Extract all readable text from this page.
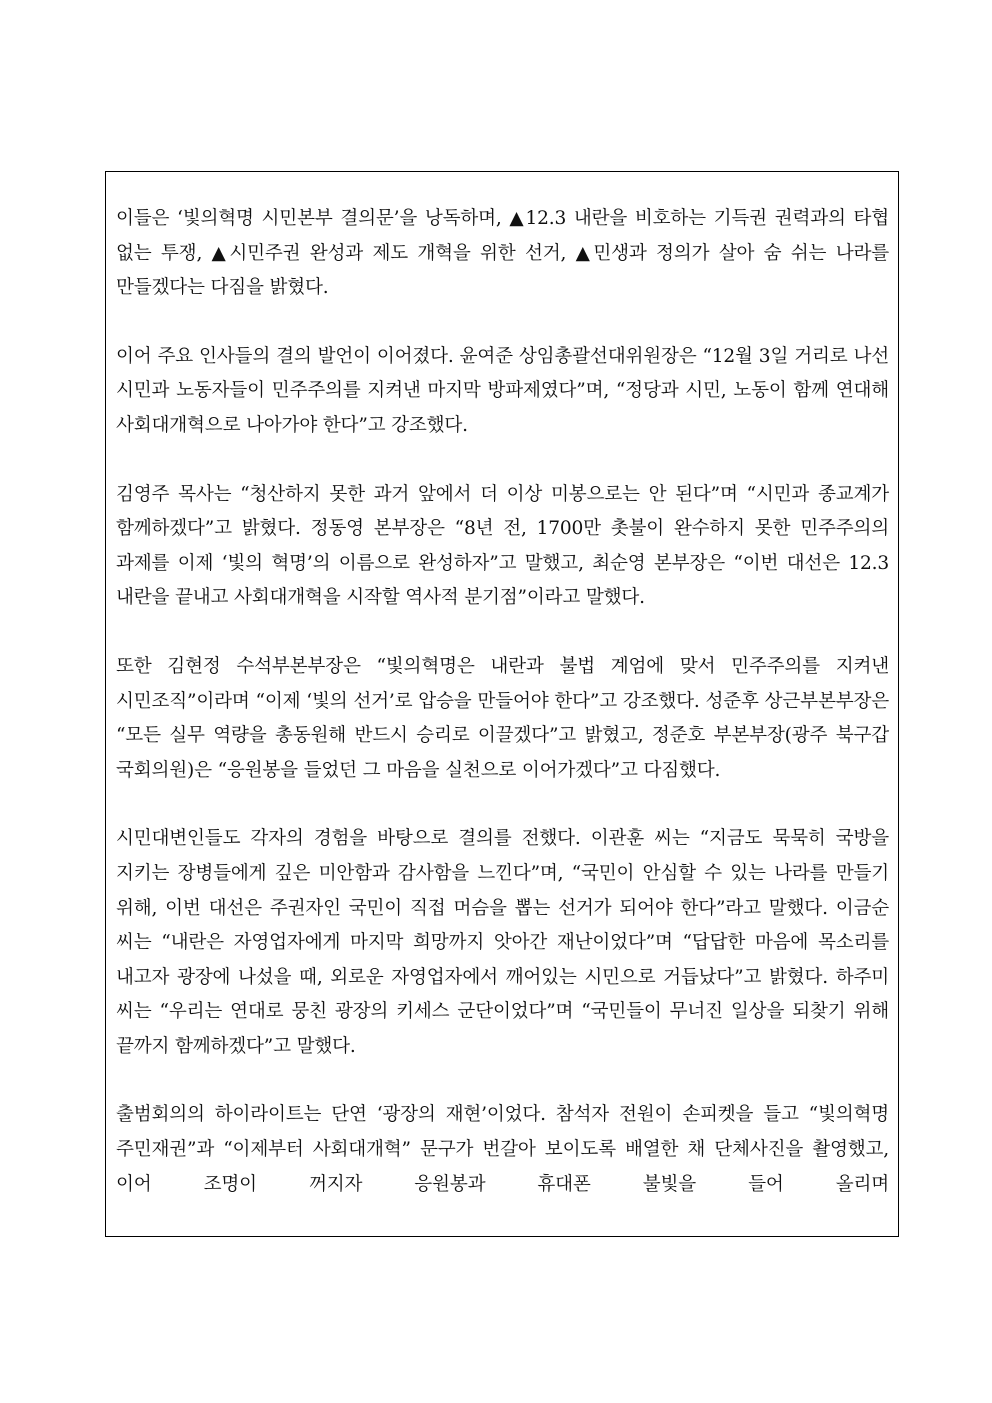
이들은 ‘빛의혁명 시민본부 결의문’을 낭독하며, ▲12.3 내란을 비호하는 기득권 권력과의 타협 없는 투쟁, ▲시민주권 완성과 제도 개혁을 위한 선거, ▲민생과 정의가 살아 숨 쉬는 나라를 만들겠다는 다짐을 밝혔다.

이어 주요 인사들의 결의 발언이 이어졌다. 윤여준 상임총괄선대위원장은 “12월 3일 거리로 나선 시민과 노동자들이 민주주의를 지켜낸 마지막 방파제였다”며, “정당과 시민, 노동이 함께 연대해 사회대개혁으로 나아가야 한다”고 강조했다.

김영주 목사는 “청산하지 못한 과거 앞에서 더 이상 미봉으로는 안 된다”며 “시민과 종교계가 함께하겠다”고 밝혔다. 정동영 본부장은 “8년 전, 1700만 촛불이 완수하지 못한 민주주의의 과제를 이제 ‘빛의 혁명’의 이름으로 완성하자”고 말했고, 최순영 본부장은 “이번 대선은 12.3 내란을 끝내고 사회대개혁을 시작할 역사적 분기점”이라고 말했다.

또한 김현정 수석부본부장은 “빛의혁명은 내란과 불법 계엄에 맞서 민주주의를 지켜낸 시민조직”이라며 “이제 ‘빛의 선거’로 압승을 만들어야 한다”고 강조했다. 성준후 상근부본부장은 “모든 실무 역량을 총동원해 반드시 승리로 이끌겠다”고 밝혔고, 정준호 부본부장(광주 북구갑 국회의원)은 “응원봉을 들었던 그 마음을 실천으로 이어가겠다”고 다짐했다.

시민대변인들도 각자의 경험을 바탕으로 결의를 전했다. 이관훈 씨는 “지금도 묵묵히 국방을 지키는 장병들에게 깊은 미안함과 감사함을 느낀다”며, “국민이 안심할 수 있는 나라를 만들기 위해, 이번 대선은 주권자인 국민이 직접 머슴을 뽑는 선거가 되어야 한다”라고 말했다. 이금순 씨는 “내란은 자영업자에게 마지막 희망까지 앗아간 재난이었다”며 “답답한 마음에 목소리를 내고자 광장에 나섰을 때, 외로운 자영업자에서 깨어있는 시민으로 거듭났다”고 밝혔다. 하주미 씨는 “우리는 연대로 뭉친 광장의 키세스 군단이었다”며 “국민들이 무너진 일상을 되찾기 위해 끝까지 함께하겠다”고 말했다.

출범회의의 하이라이트는 단연 ‘광장의 재현’이었다. 참석자 전원이 손피켓을 들고 “빛의혁명 주민재권”과 “이제부터 사회대개혁” 문구가 번갈아 보이도록 배열한 채 단체사진을 촬영했고, 이어 조명이 꺼지자 응원봉과 휴대폰 불빛을 들어 올리며
